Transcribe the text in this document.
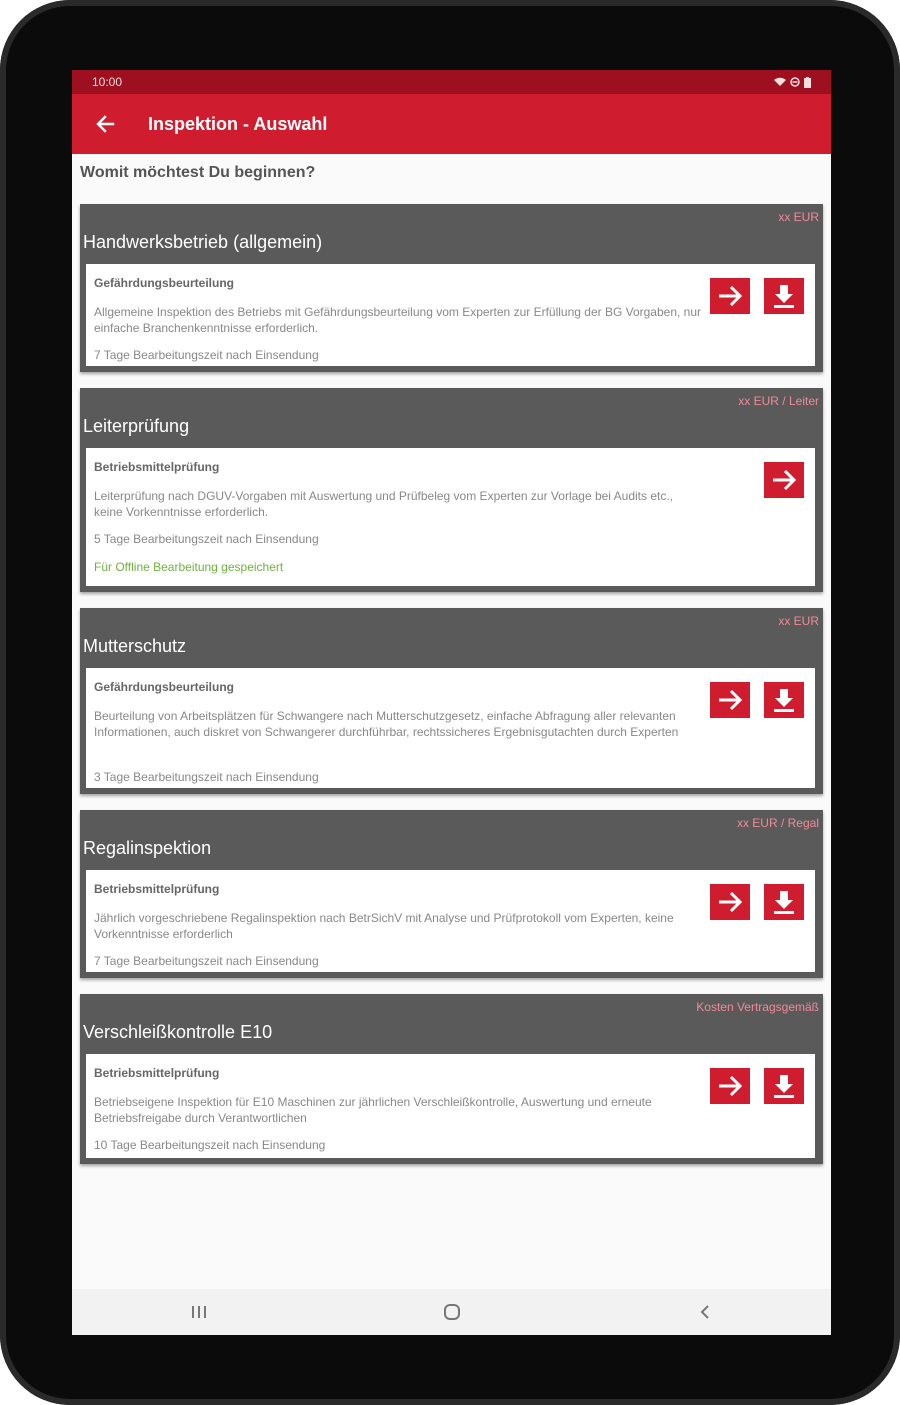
10:00
Inspektion - Auswahl
Womit möchtest Du beginnen?
xx EUR
Handwerksbetrieb (allgemein)
Gefährdungsbeurteilung
Allgemeine Inspektion des Betriebs mit Gefährdungsbeurteilung vom Experten zur Erfüllung der BG Vorgaben, nur einfache Branchenkenntnisse erforderlich.
7 Tage Bearbeitungszeit nach Einsendung
xx EUR / Leiter
Leiterprüfung
Betriebsmittelprüfung
Leiterprüfung nach DGUV-Vorgaben mit Auswertung und Prüfbeleg vom Experten zur Vorlage bei Audits etc., keine Vorkenntnisse erforderlich.
5 Tage Bearbeitungszeit nach Einsendung
Für Offline Bearbeitung gespeichert
xx EUR
Mutterschutz
Gefährdungsbeurteilung
Beurteilung von Arbeitsplätzen für Schwangere nach Mutterschutzgesetz, einfache Abfragung aller relevanten Informationen, auch diskret von Schwangerer durchführbar, rechtssicheres Ergebnisgutachten durch Experten
3 Tage Bearbeitungszeit nach Einsendung
xx EUR / Regal
Regalinspektion
Betriebsmittelprüfung
Jährlich vorgeschriebene Regalinspektion nach BetrSichV mit Analyse und Prüfprotokoll vom Experten, keine Vorkenntnisse erforderlich
7 Tage Bearbeitungszeit nach Einsendung
Kosten Vertragsgemäß
Verschleißkontrolle E10
Betriebsmittelprüfung
Betriebseigene Inspektion für E10 Maschinen zur jährlichen Verschleißkontrolle, Auswertung und erneute Betriebsfreigabe durch Verantwortlichen
10 Tage Bearbeitungszeit nach Einsendung
